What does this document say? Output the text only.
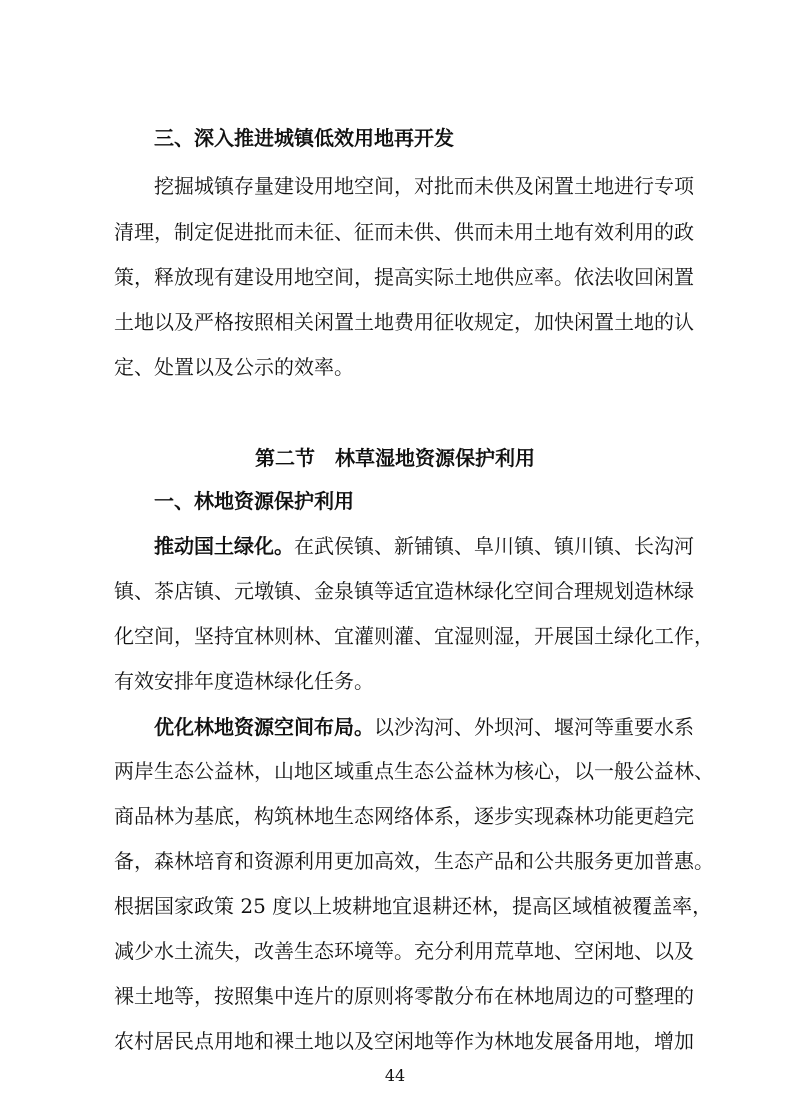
三、深入推进城镇低效用地再开发
挖掘城镇存量建设用地空间，对批而未供及闲置土地进行专项
清理，制定促进批而未征、征而未供、供而未用土地有效利用的政
策，释放现有建设用地空间，提高实际土地供应率。依法收回闲置
土地以及严格按照相关闲置土地费用征收规定，加快闲置土地的认
定、处置以及公示的效率。
第二节　林草湿地资源保护利用
一、林地资源保护利用
推动国土绿化。在武侯镇、新铺镇、阜川镇、镇川镇、长沟河
镇、茶店镇、元墩镇、金泉镇等适宜造林绿化空间合理规划造林绿
化空间，坚持宜林则林、宜灌则灌、宜湿则湿，开展国土绿化工作，
有效安排年度造林绿化任务。
优化林地资源空间布局。以沙沟河、外坝河、堰河等重要水系
两岸生态公益林，山地区域重点生态公益林为核心，以一般公益林、
商品林为基底，构筑林地生态网络体系，逐步实现森林功能更趋完
备，森林培育和资源利用更加高效，生态产品和公共服务更加普惠。
根据国家政策 25 度以上坡耕地宜退耕还林，提高区域植被覆盖率，
减少水土流失，改善生态环境等。充分利用荒草地、空闲地、以及
裸土地等，按照集中连片的原则将零散分布在林地周边的可整理的
农村居民点用地和裸土地以及空闲地等作为林地发展备用地，增加
44
